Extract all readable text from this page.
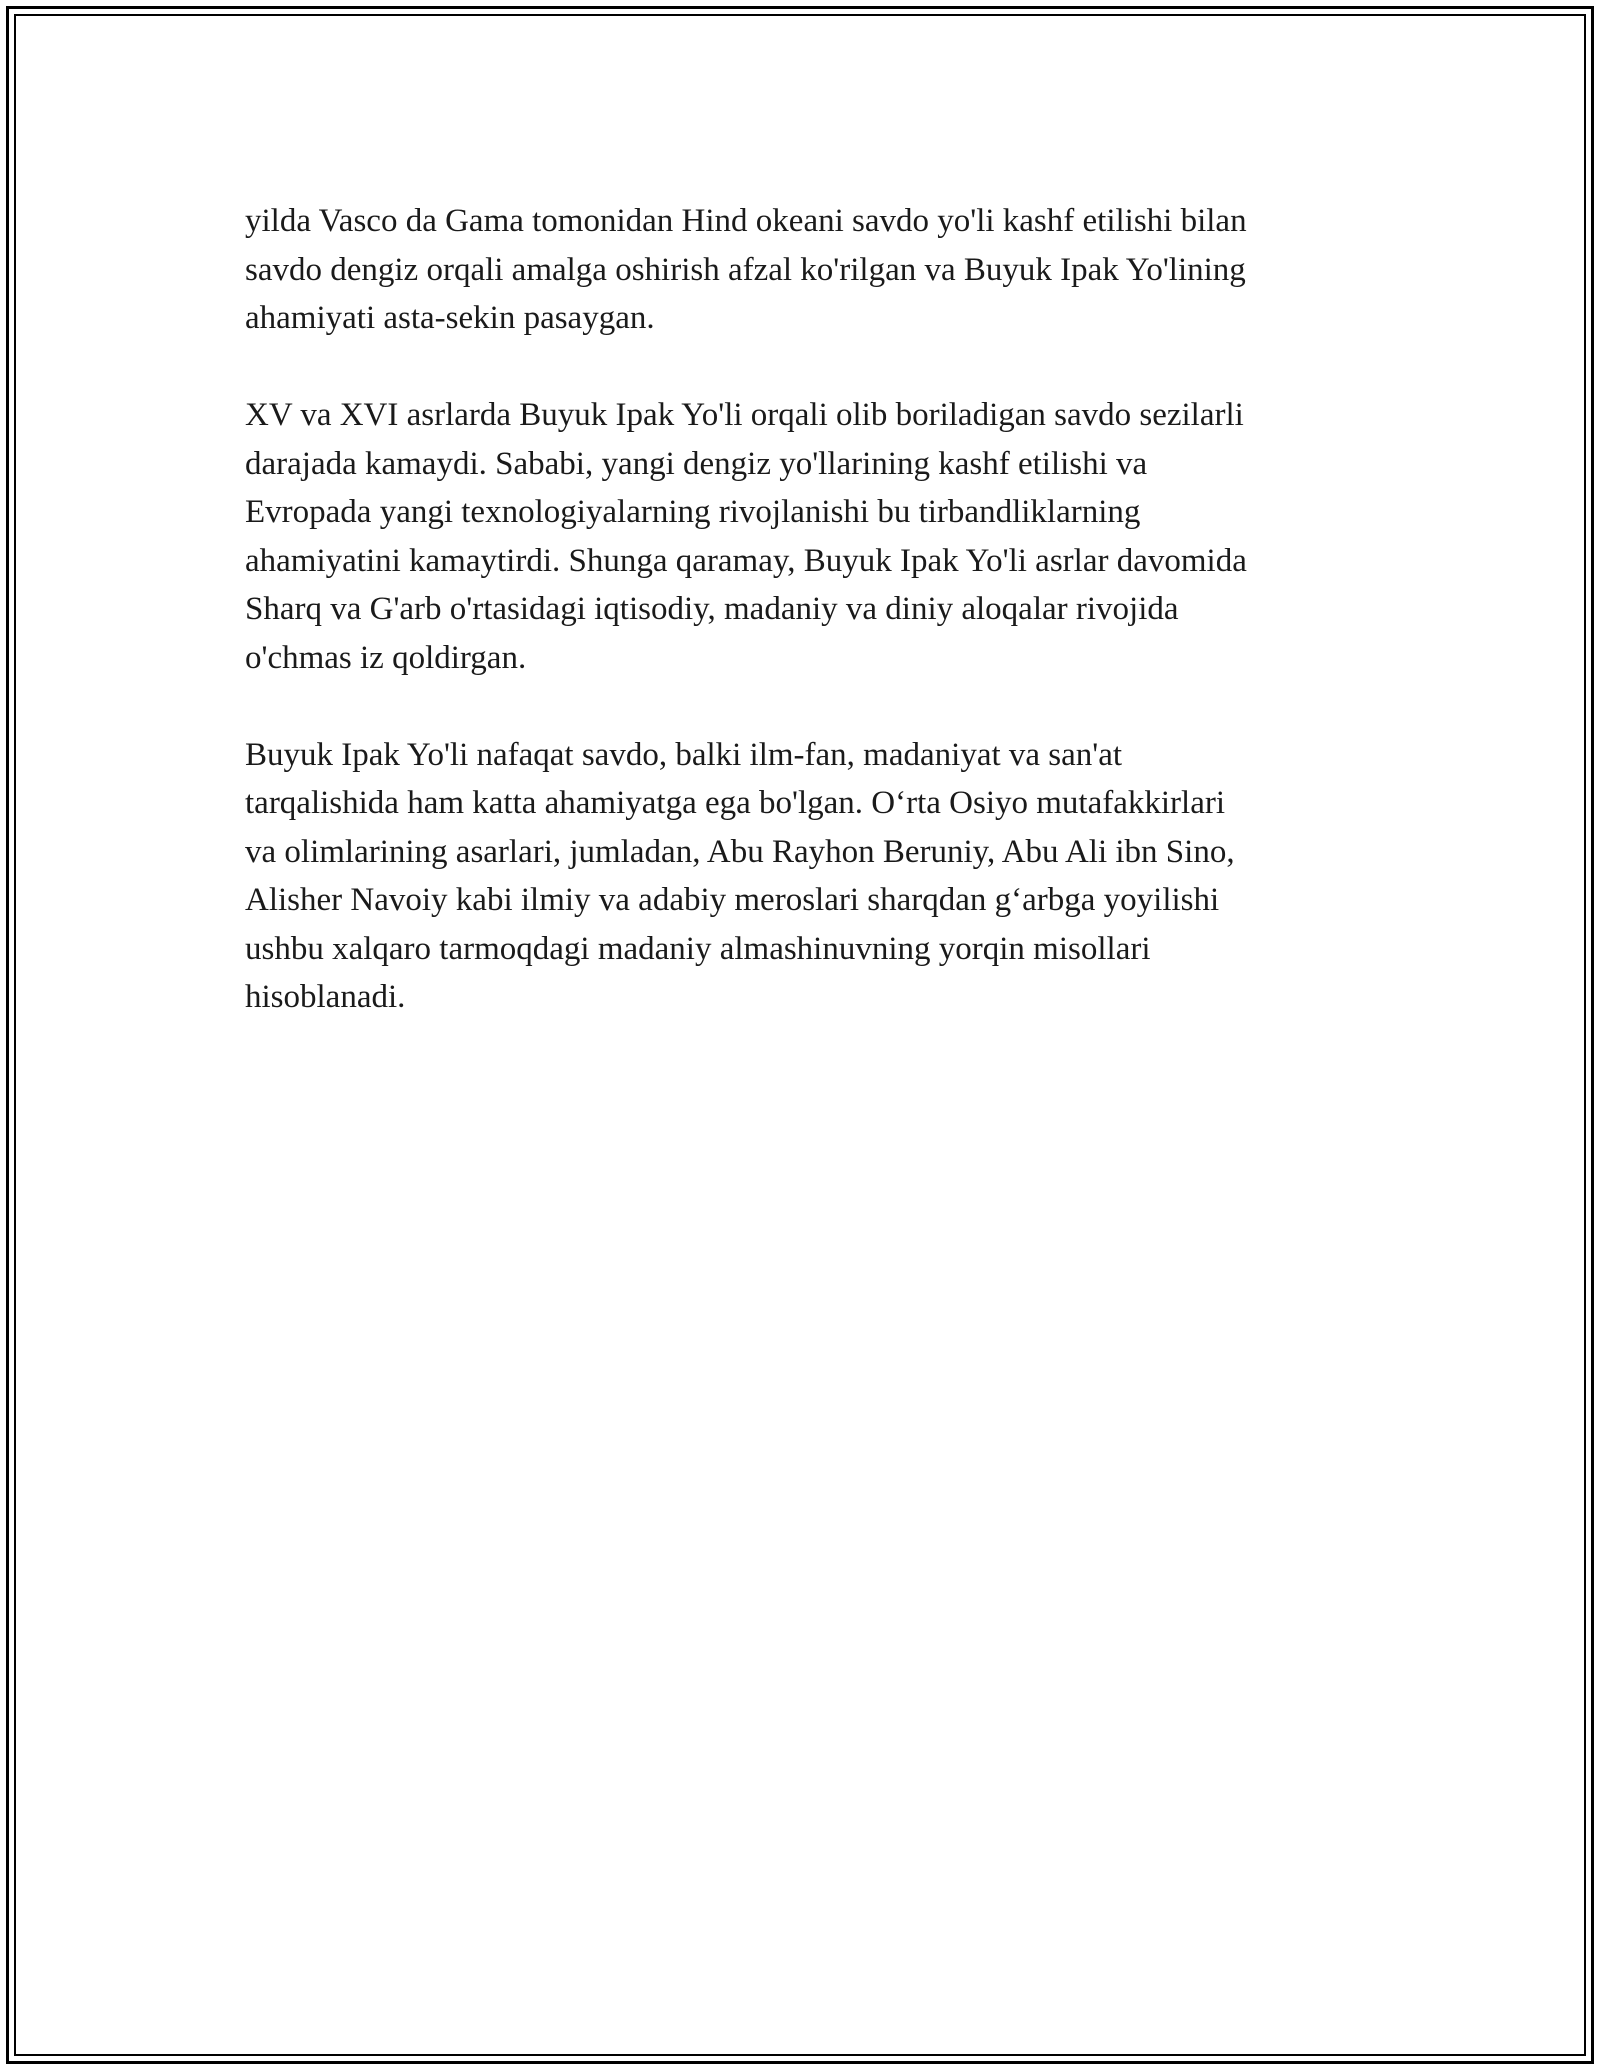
yilda Vasco da Gama tomonidan Hind okeani savdo yo'li kashf etilishi bilan
savdo dengiz orqali amalga oshirish afzal ko'rilgan va Buyuk Ipak Yo'lining
ahamiyati asta-sekin pasaygan.

XV va XVI asrlarda Buyuk Ipak Yo'li orqali olib boriladigan savdo sezilarli
darajada kamaydi. Sababi, yangi dengiz yo'llarining kashf etilishi va
Evropada yangi texnologiyalarning rivojlanishi bu tirbandliklarning
ahamiyatini kamaytirdi. Shunga qaramay, Buyuk Ipak Yo'li asrlar davomida
Sharq va G'arb o'rtasidagi iqtisodiy, madaniy va diniy aloqalar rivojida
o'chmas iz qoldirgan.

Buyuk Ipak Yo'li nafaqat savdo, balki ilm-fan, madaniyat va san'at
tarqalishida ham katta ahamiyatga ega bo'lgan. O‘rta Osiyo mutafakkirlari
va olimlarining asarlari, jumladan, Abu Rayhon Beruniy, Abu Ali ibn Sino,
Alisher Navoiy kabi ilmiy va adabiy meroslari sharqdan g‘arbga yoyilishi
ushbu xalqaro tarmoqdagi madaniy almashinuvning yorqin misollari
hisoblanadi.
